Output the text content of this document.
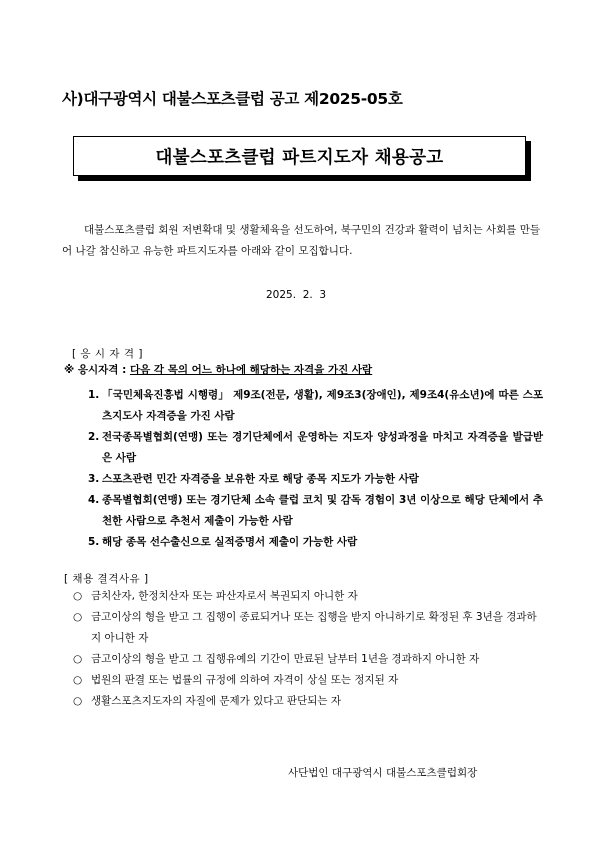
사)대구광역시 대불스포츠클럽 공고 제2025-05호
대불스포츠클럽 파트지도자 채용공고
대불스포츠클럽 회원 저변확대 및 생활체육을 선도하여, 북구민의 건강과 활력이 넘치는 사회를 만들어 나갈 참신하고 유능한 파트지도자를 아래와 같이 모집합니다.
2025.  2.  3
[ 응 시 자 격 ]
※ 응시자격 : 다음 각 목의 어느 하나에 해당하는 자격을 가진 사람
1. 「국민체육진흥법 시행령」 제9조(전문, 생활), 제9조3(장애인), 제9조4(유소년)에 따른 스포츠지도사 자격증을 가진 사람
2. 전국종목별협회(연맹) 또는 경기단체에서 운영하는 지도자 양성과정을 마치고 자격증을 발급받은 사람
3. 스포츠관련 민간 자격증을 보유한 자로 해당 종목 지도가 가능한 사람
4. 종목별협회(연맹) 또는 경기단체 소속 클럽 코치 및 감독 경험이 3년 이상으로 해당 단체에서 추천한 사람으로 추천서 제출이 가능한 사람
5. 해당 종목 선수출신으로 실적증명서 제출이 가능한 사람
[ 채용 결격사유 ]
○ 금치산자, 한정치산자 또는 파산자로서 복권되지 아니한 자
○ 금고이상의 형을 받고 그 집행이 종료되거나 또는 집행을 받지 아니하기로 확정된 후 3년을 경과하지 아니한 자
○ 금고이상의 형을 받고 그 집행유예의 기간이 만료된 날부터 1년을 경과하지 아니한 자
○ 법원의 판결 또는 법률의 규정에 의하여 자격이 상실 또는 정지된 자
○ 생활스포츠지도자의 자질에 문제가 있다고 판단되는 자
사단법인 대구광역시 대불스포츠클럽회장
